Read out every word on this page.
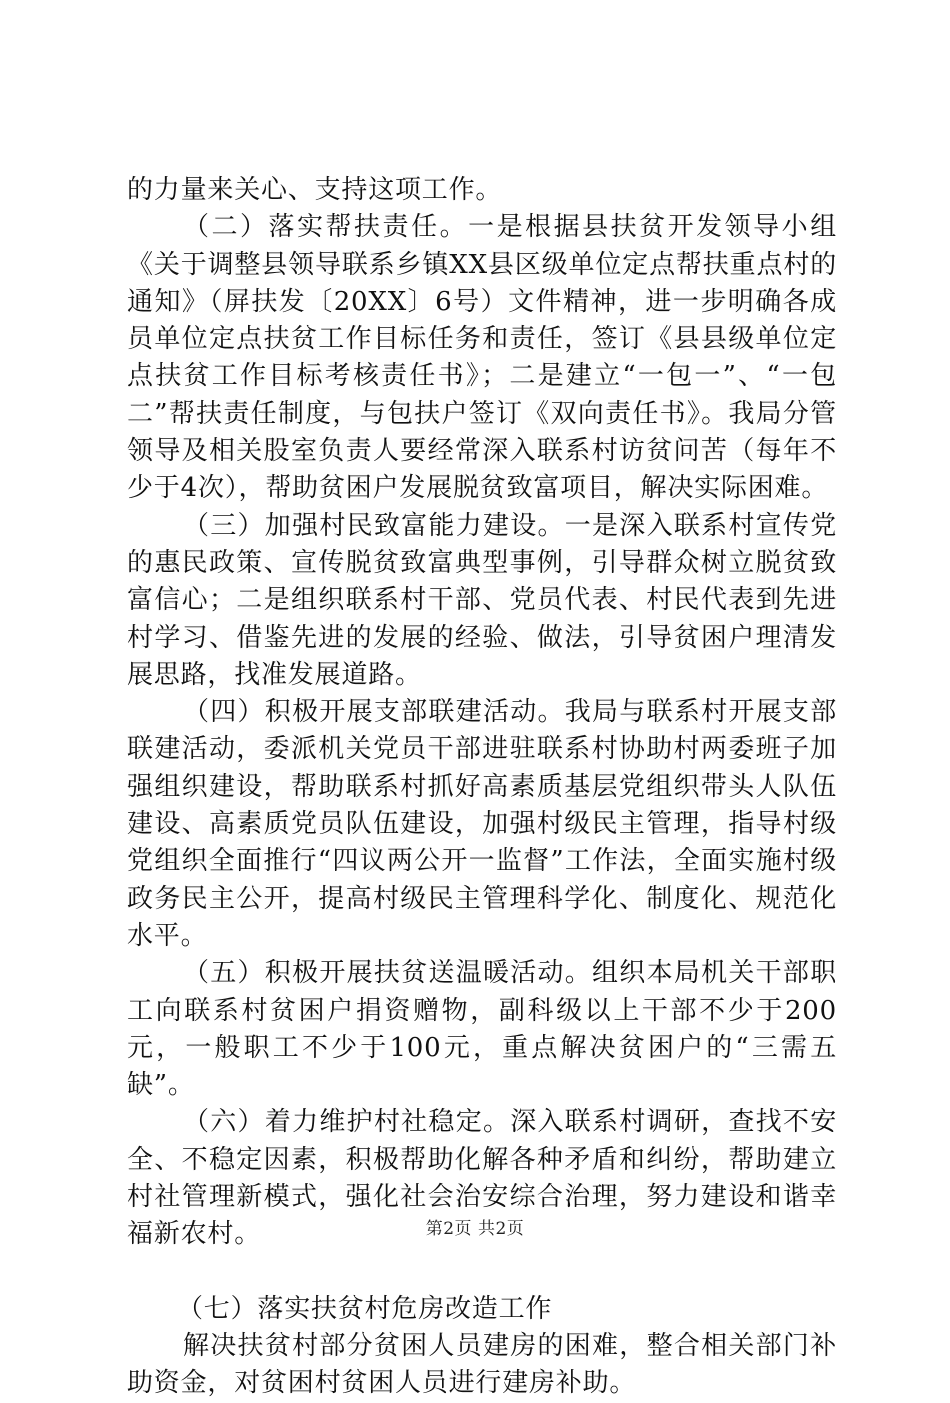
的力量来关心、支持这项工作。

（二）落实帮扶责任。一是根据县扶贫开发领导小组《关于调整县领导联系乡镇XX县区级单位定点帮扶重点村的通知》（屏扶发〔20XX〕6号）文件精神，进一步明确各成员单位定点扶贫工作目标任务和责任，签订《县县级单位定点扶贫工作目标考核责任书》；二是建立“一包一”、“一包二”帮扶责任制度，与包扶户签订《双向责任书》。我局分管领导及相关股室负责人要经常深入联系村访贫问苦（每年不少于4次），帮助贫困户发展脱贫致富项目，解决实际困难。

（三）加强村民致富能力建设。一是深入联系村宣传党的惠民政策、宣传脱贫致富典型事例，引导群众树立脱贫致富信心；二是组织联系村干部、党员代表、村民代表到先进村学习、借鉴先进的发展的经验、做法，引导贫困户理清发展思路，找准发展道路。

（四）积极开展支部联建活动。我局与联系村开展支部联建活动，委派机关党员干部进驻联系村协助村两委班子加强组织建设，帮助联系村抓好高素质基层党组织带头人队伍建设、高素质党员队伍建设，加强村级民主管理，指导村级党组织全面推行“四议两公开一监督”工作法，全面实施村级政务民主公开，提高村级民主管理科学化、制度化、规范化水平。

（五）积极开展扶贫送温暖活动。组织本局机关干部职工向联系村贫困户捐资赠物，副科级以上干部不少于200元，一般职工不少于100元，重点解决贫困户的“三需五缺”。

（六）着力维护村社稳定。深入联系村调研，查找不安全、不稳定因素，积极帮助化解各种矛盾和纠纷，帮助建立村社管理新模式，强化社会治安综合治理，努力建设和谐幸福新农村。

（七）落实扶贫村危房改造工作

解决扶贫村部分贫困人员建房的困难，整合相关部门补助资金，对贫困村贫困人员进行建房补助。

第2页 共2页
